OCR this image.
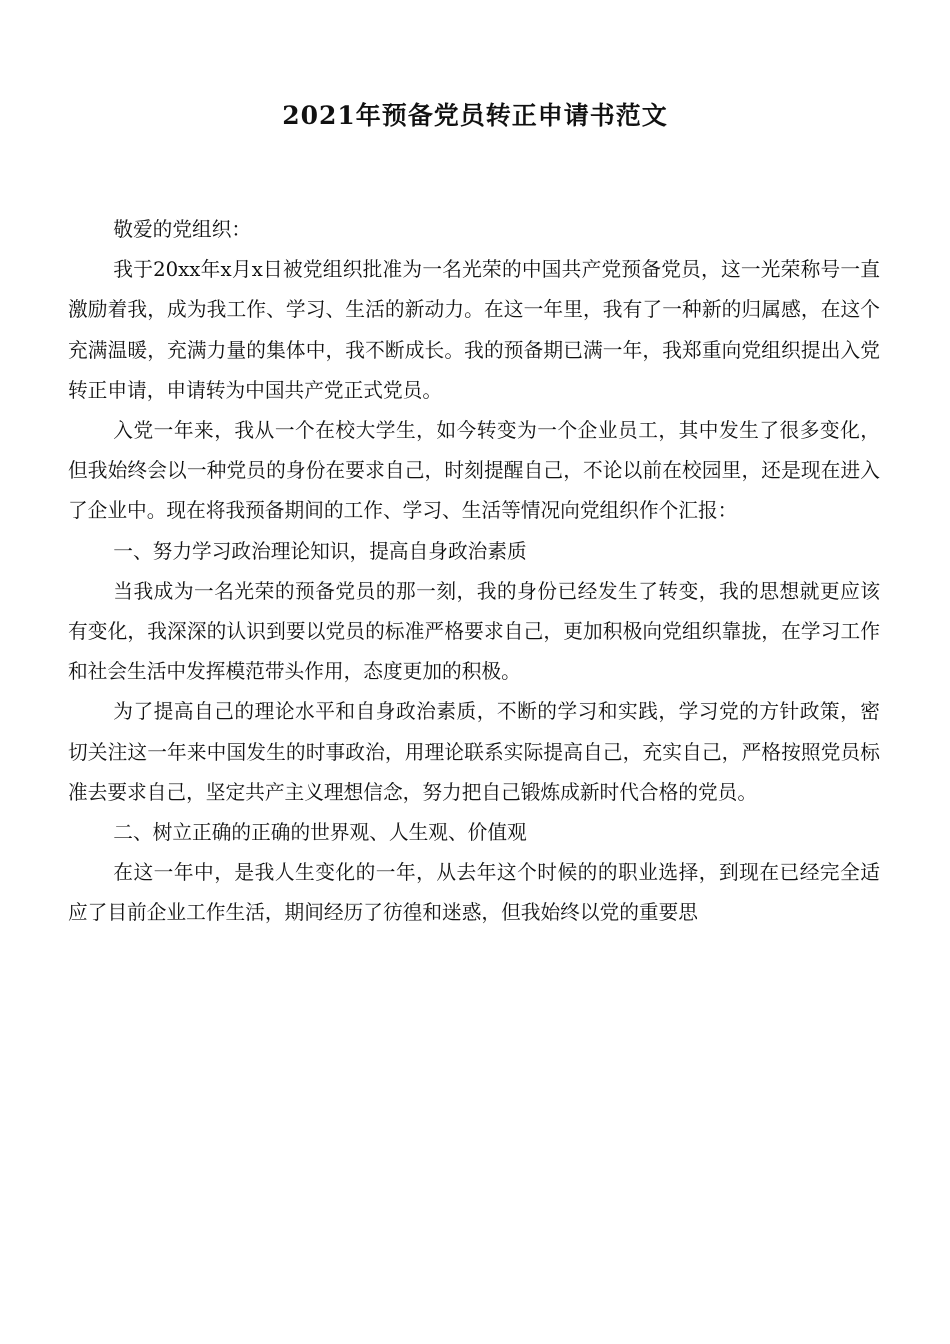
2021年预备党员转正申请书范文

敬爱的党组织：

我于20xx年x月x日被党组织批准为一名光荣的中国共产党预备党员，这一光荣称号一直激励着我，成为我工作、学习、生活的新动力。在这一年里，我有了一种新的归属感，在这个充满温暖，充满力量的集体中，我不断成长。我的预备期已满一年，我郑重向党组织提出入党转正申请，申请转为中国共产党正式党员。

入党一年来，我从一个在校大学生，如今转变为一个企业员工，其中发生了很多变化，但我始终会以一种党员的身份在要求自己，时刻提醒自己，不论以前在校园里，还是现在进入了企业中。现在将我预备期间的工作、学习、生活等情况向党组织作个汇报：

一、努力学习政治理论知识，提高自身政治素质

当我成为一名光荣的预备党员的那一刻，我的身份已经发生了转变，我的思想就更应该有变化，我深深的认识到要以党员的标准严格要求自己，更加积极向党组织靠拢，在学习工作和社会生活中发挥模范带头作用，态度更加的积极。

为了提高自己的理论水平和自身政治素质，不断的学习和实践，学习党的方针政策，密切关注这一年来中国发生的时事政治，用理论联系实际提高自己，充实自己，严格按照党员标准去要求自己，坚定共产主义理想信念，努力把自己锻炼成新时代合格的党员。

二、树立正确的正确的世界观、人生观、价值观

在这一年中，是我人生变化的一年，从去年这个时候的的职业选择，到现在已经完全适应了目前企业工作生活，期间经历了彷徨和迷惑，但我始终以党的重要思
